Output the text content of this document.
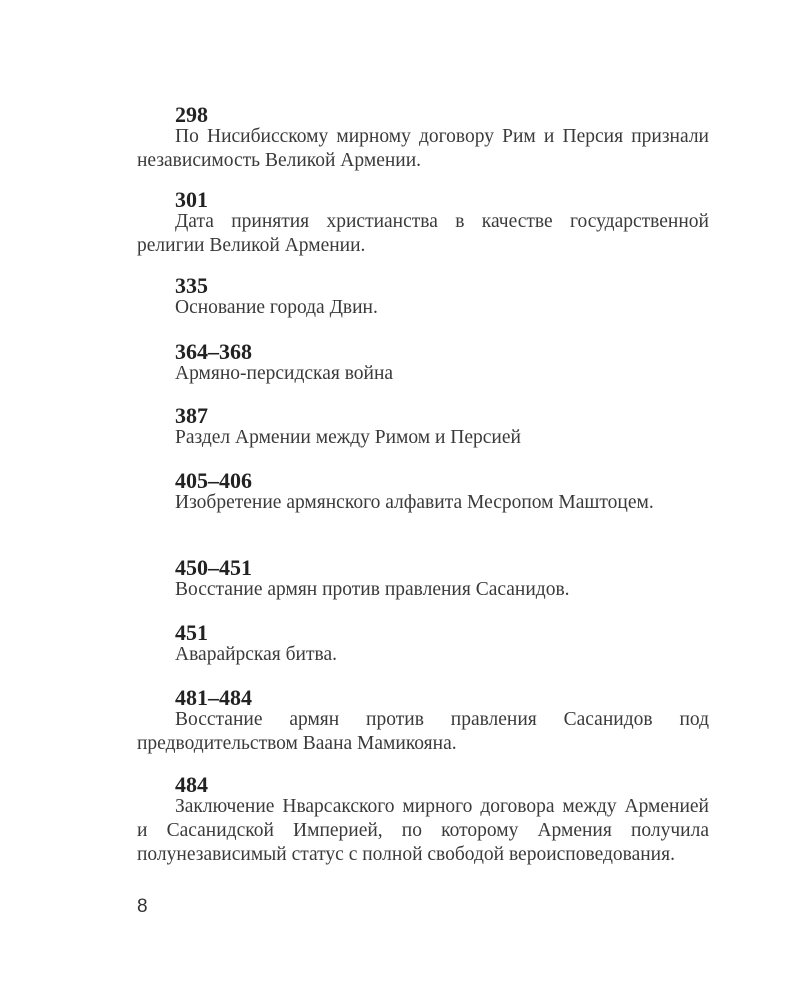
298
По Нисибисскому мирному договору Рим и Персия признали независимость Великой Армении.
301
Дата принятия христианства в качестве государственной религии Великой Армении.
335
Основание города Двин.
364–368
Армяно-персидская война
387
Раздел Армении между Римом и Персией
405–406
Изобретение армянского алфавита Месропом Маштоцем.
450–451
Восстание армян против правления Сасанидов.
451
Аварайрская битва.
481–484
Восстание армян против правления Сасанидов под предводительством Ваана Мамикояна.
484
Заключение Нварсакского мирного договора между Арменией и Сасанидской Империей, по которому Армения получила полунезависимый статус с полной свободой вероисповедования.
8
